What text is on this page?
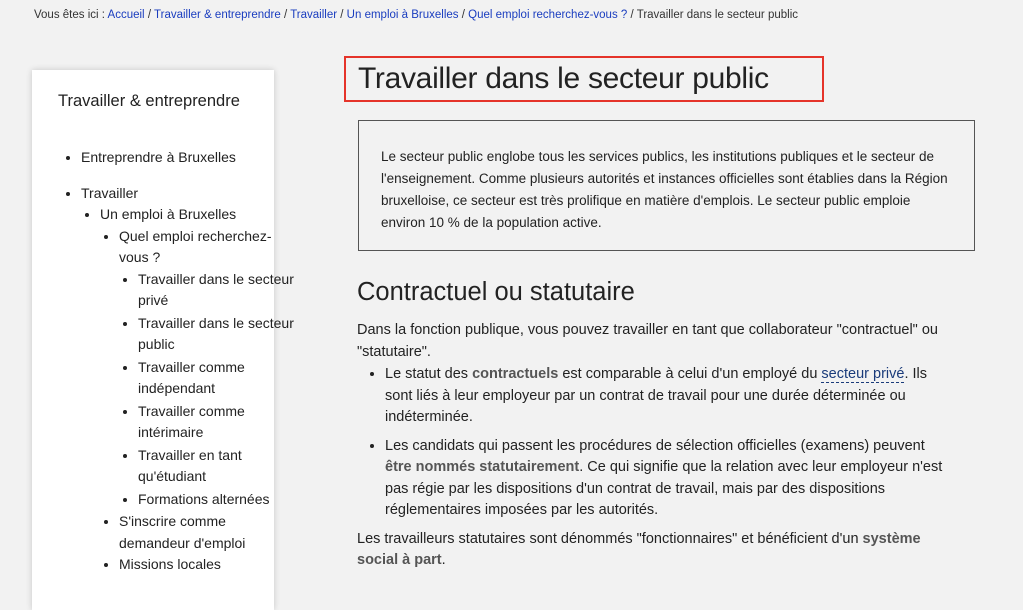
Vous êtes ici : Accueil / Travailler & entreprendre / Travailler / Un emploi à Bruxelles / Quel emploi recherchez-vous ? / Travailler dans le secteur public
Travailler & entreprendre
• Entreprendre à Bruxelles
• Travailler
• Un emploi à Bruxelles
• Quel emploi recherchez-vous ?
• Travailler dans le secteur privé
• Travailler dans le secteur public
• Travailler comme indépendant
• Travailler comme intérimaire
• Travailler en tant qu'étudiant
• Formations alternées
• S'inscrire comme demandeur d'emploi
• Missions locales
Travailler dans le secteur public

Le secteur public englobe tous les services publics, les institutions publiques et le secteur de l'enseignement. Comme plusieurs autorités et instances officielles sont établies dans la Région bruxelloise, ce secteur est très prolifique en matière d'emplois. Le secteur public emploie environ 10 % de la population active.

Contractuel ou statutaire

Dans la fonction publique, vous pouvez travailler en tant que collaborateur "contractuel" ou "statutaire".

• Le statut des contractuels est comparable à celui d'un employé du secteur privé. Ils sont liés à leur employeur par un contrat de travail pour une durée déterminée ou indéterminée.
• Les candidats qui passent les procédures de sélection officielles (examens) peuvent être nommés statutairement. Ce qui signifie que la relation avec leur employeur n'est pas régie par les dispositions d'un contrat de travail, mais par des dispositions réglementaires imposées par les autorités.

Les travailleurs statutaires sont dénommés "fonctionnaires" et bénéficient d'un système social à part.
